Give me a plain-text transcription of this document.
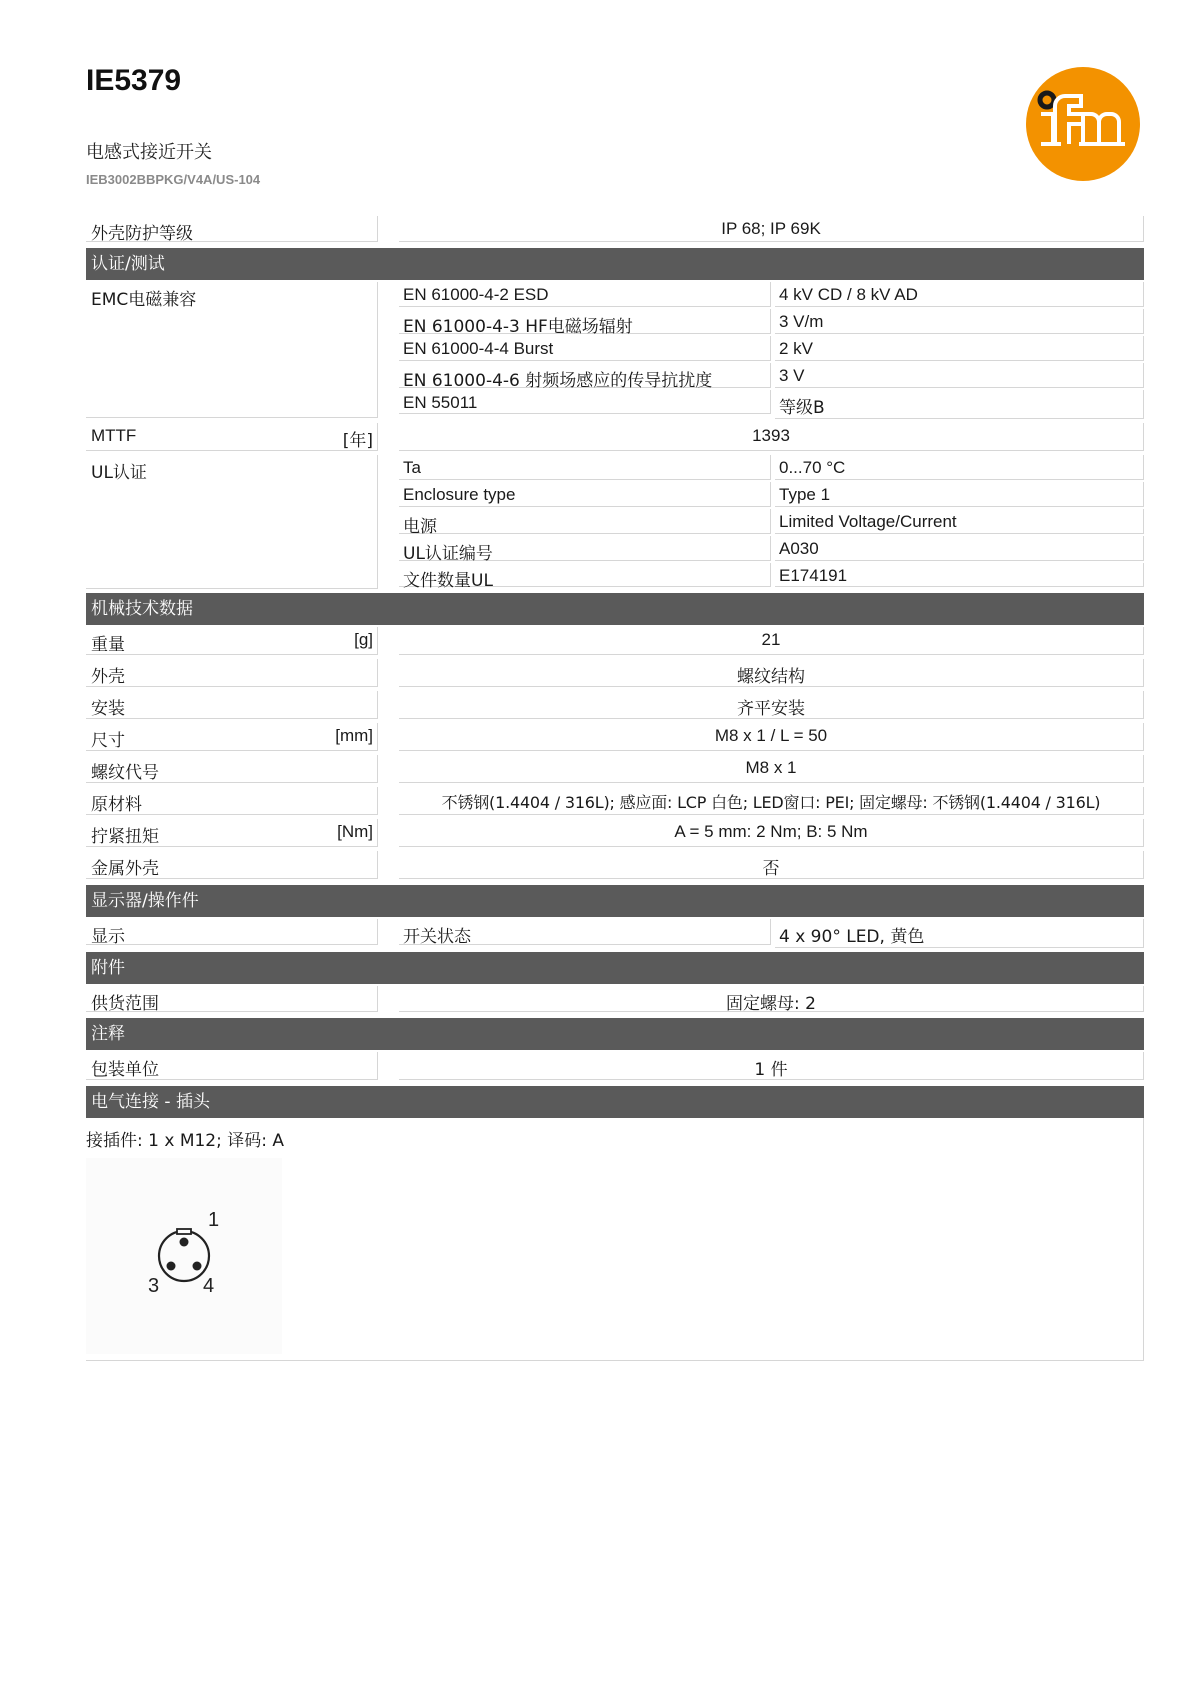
IE5379
电感式接近开关
IEB3002BBPKG/V4A/US-104
外壳防护等级	IP 68; IP 69K
认证/测试
EMC电磁兼容	EN 61000-4-2 ESD	4 kV CD / 8 kV AD
EN 61000-4-3 HF电磁场辐射	3 V/m
EN 61000-4-4 Burst	2 kV
EN 61000-4-6 射频场感应的传导抗扰度	3 V
EN 55011	等级B
MTTF	[年]	1393
UL认证	Ta	0...70 °C
Enclosure type	Type 1
电源	Limited Voltage/Current
UL认证编号	A030
文件数量UL	E174191
机械技术数据
重量	[g]	21
外壳	螺纹结构
安装	齐平安装
尺寸	[mm]	M8 x 1 / L = 50
螺纹代号	M8 x 1
原材料	不锈钢(1.4404 / 316L); 感应面: LCP 白色; LED窗口: PEI; 固定螺母: 不锈钢(1.4404 / 316L)
拧紧扭矩	[Nm]	A = 5 mm: 2 Nm; B: 5 Nm
金属外壳	否
显示器/操作件
显示	开关状态	4 x 90° LED, 黄色
附件
供货范围	固定螺母: 2
注释
包装单位	1 件
电气连接 - 插头
接插件: 1 x M12; 译码: A
1
3 4
